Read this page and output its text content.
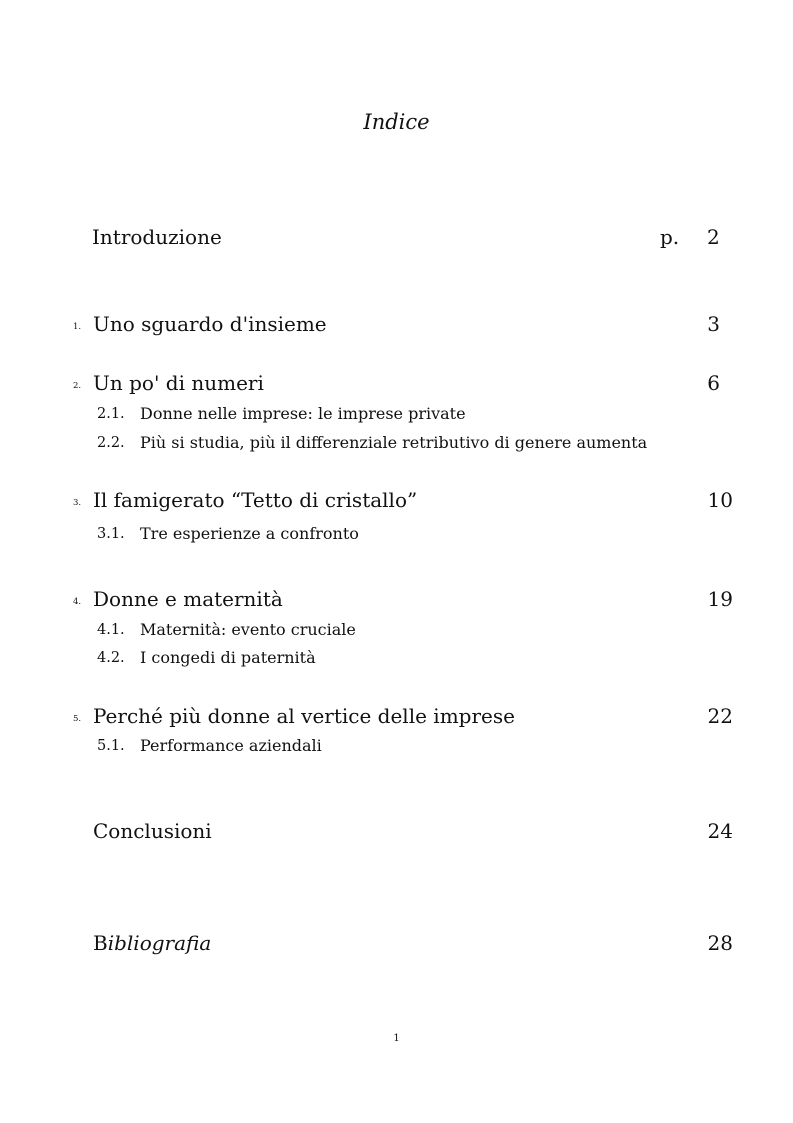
Indice
Introduzione	p. 2
1. Uno sguardo d'insieme	3
2. Un po' di numeri	6
2.1. Donne nelle imprese: le imprese private
2.2. Più si studia, più il differenziale retributivo di genere aumenta
3. Il famigerato “Tetto di cristallo”	10
3.1. Tre esperienze a confronto
4. Donne e maternità	19
4.1. Maternità: evento cruciale
4.2. I congedi di paternità
5. Perché più donne al vertice delle imprese	22
5.1. Performance aziendali
Conclusioni	24
Bibliografia	28
1
